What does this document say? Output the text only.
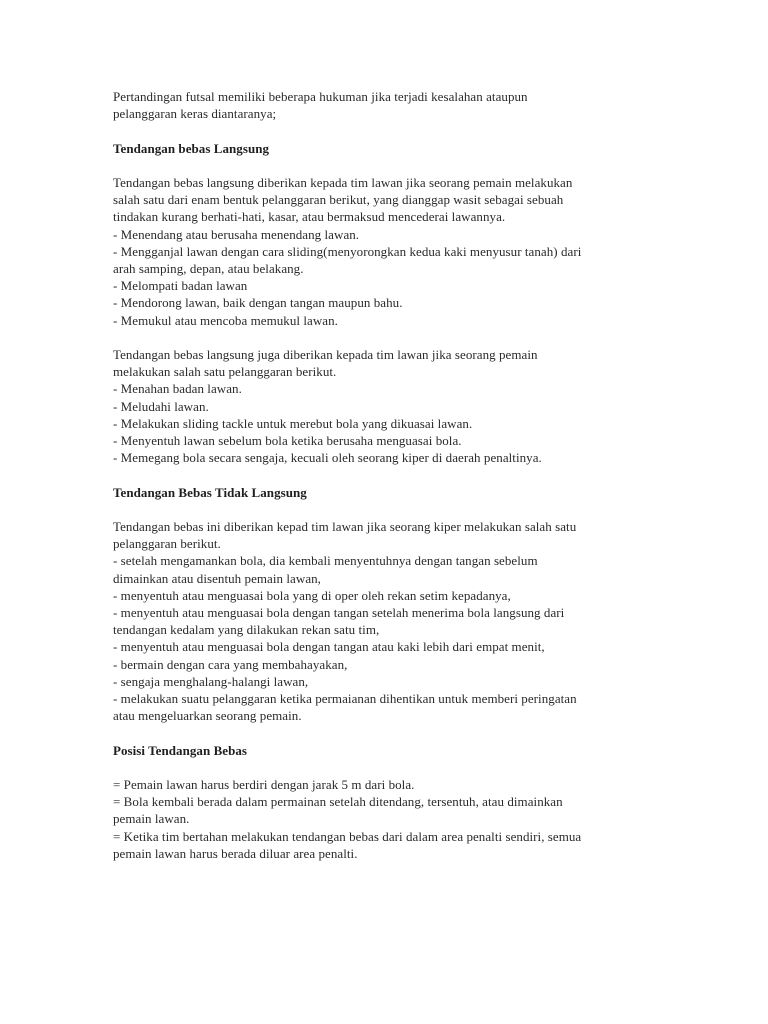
Pertandingan futsal memiliki beberapa hukuman jika terjadi kesalahan ataupun
pelanggaran keras diantaranya;
Tendangan bebas Langsung
Tendangan bebas langsung diberikan kepada tim lawan jika seorang pemain melakukan
salah satu dari enam bentuk pelanggaran berikut, yang dianggap wasit sebagai sebuah
tindakan kurang berhati-hati, kasar, atau bermaksud mencederai lawannya.
- Menendang atau berusaha menendang lawan.
- Mengganjal lawan dengan cara sliding(menyorongkan kedua kaki menyusur tanah) dari
arah samping, depan, atau belakang.
- Melompati badan lawan
- Mendorong lawan, baik dengan tangan maupun bahu.
- Memukul atau mencoba memukul lawan.
Tendangan bebas langsung juga diberikan kepada tim lawan jika seorang pemain
melakukan salah satu pelanggaran berikut.
- Menahan badan lawan.
- Meludahi lawan.
- Melakukan sliding tackle untuk merebut bola yang dikuasai lawan.
- Menyentuh lawan sebelum bola ketika berusaha menguasai bola.
- Memegang bola secara sengaja, kecuali oleh seorang kiper di daerah penaltinya.
Tendangan Bebas Tidak Langsung
Tendangan bebas ini diberikan kepad tim lawan jika seorang kiper melakukan salah satu
pelanggaran berikut.
- setelah mengamankan bola, dia kembali menyentuhnya dengan tangan sebelum
dimainkan atau disentuh pemain lawan,
- menyentuh atau menguasai bola yang di oper oleh rekan setim kepadanya,
- menyentuh atau menguasai bola dengan tangan setelah menerima bola langsung dari
tendangan kedalam yang dilakukan rekan satu tim,
- menyentuh atau menguasai bola dengan tangan atau kaki lebih dari empat menit,
- bermain dengan cara yang membahayakan,
- sengaja menghalang-halangi lawan,
- melakukan suatu pelanggaran ketika permaianan dihentikan untuk memberi peringatan
atau mengeluarkan seorang pemain.
Posisi Tendangan Bebas
= Pemain lawan harus berdiri dengan jarak 5 m dari bola.
= Bola kembali berada dalam permainan setelah ditendang, tersentuh, atau dimainkan
pemain lawan.
= Ketika tim bertahan melakukan tendangan bebas dari dalam area penalti sendiri, semua
pemain lawan harus berada diluar area penalti.
